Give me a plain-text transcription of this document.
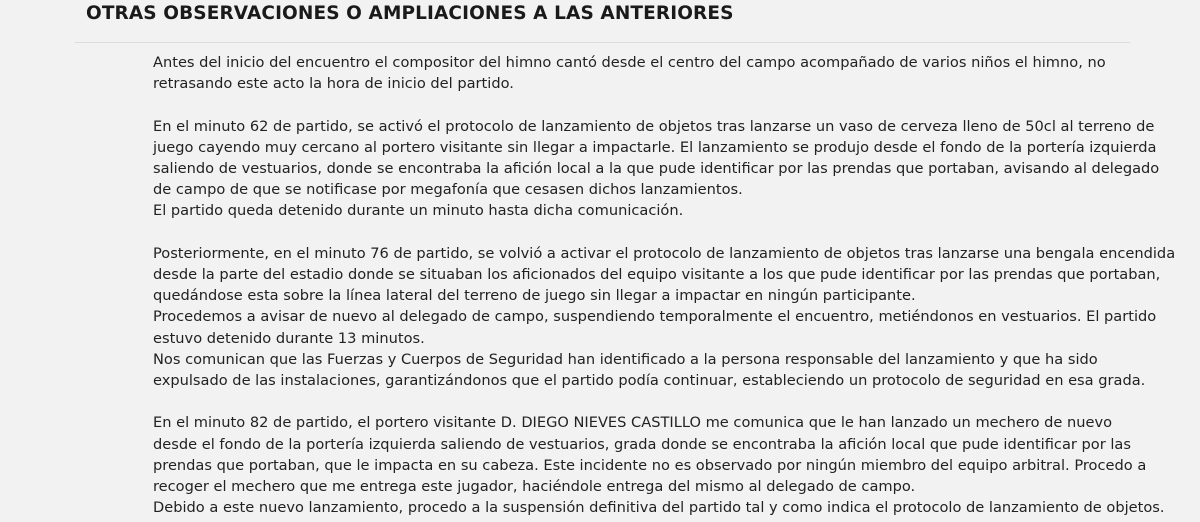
OTRAS OBSERVACIONES O AMPLIACIONES A LAS ANTERIORES
Antes del inicio del encuentro el compositor del himno cantó desde el centro del campo acompañado de varios niños el himno, no
retrasando este acto la hora de inicio del partido.
En el minuto 62 de partido, se activó el protocolo de lanzamiento de objetos tras lanzarse un vaso de cerveza lleno de 50cl al terreno de
juego cayendo muy cercano al portero visitante sin llegar a impactarle. El lanzamiento se produjo desde el fondo de la portería izquierda
saliendo de vestuarios, donde se encontraba la afición local a la que pude identificar por las prendas que portaban, avisando al delegado
de campo de que se notificase por megafonía que cesasen dichos lanzamientos.
El partido queda detenido durante un minuto hasta dicha comunicación.
Posteriormente, en el minuto 76 de partido, se volvió a activar el protocolo de lanzamiento de objetos tras lanzarse una bengala encendida
desde la parte del estadio donde se situaban los aficionados del equipo visitante a los que pude identificar por las prendas que portaban,
quedándose esta sobre la línea lateral del terreno de juego sin llegar a impactar en ningún participante.
Procedemos a avisar de nuevo al delegado de campo, suspendiendo temporalmente el encuentro, metiéndonos en vestuarios. El partido
estuvo detenido durante 13 minutos.
Nos comunican que las Fuerzas y Cuerpos de Seguridad han identificado a la persona responsable del lanzamiento y que ha sido
expulsado de las instalaciones, garantizándonos que el partido podía continuar, estableciendo un protocolo de seguridad en esa grada.
En el minuto 82 de partido, el portero visitante D. DIEGO NIEVES CASTILLO me comunica que le han lanzado un mechero de nuevo
desde el fondo de la portería izquierda saliendo de vestuarios, grada donde se encontraba la afición local que pude identificar por las
prendas que portaban, que le impacta en su cabeza. Este incidente no es observado por ningún miembro del equipo arbitral. Procedo a
recoger el mechero que me entrega este jugador, haciéndole entrega del mismo al delegado de campo.
Debido a este nuevo lanzamiento, procedo a la suspensión definitiva del partido tal y como indica el protocolo de lanzamiento de objetos.
